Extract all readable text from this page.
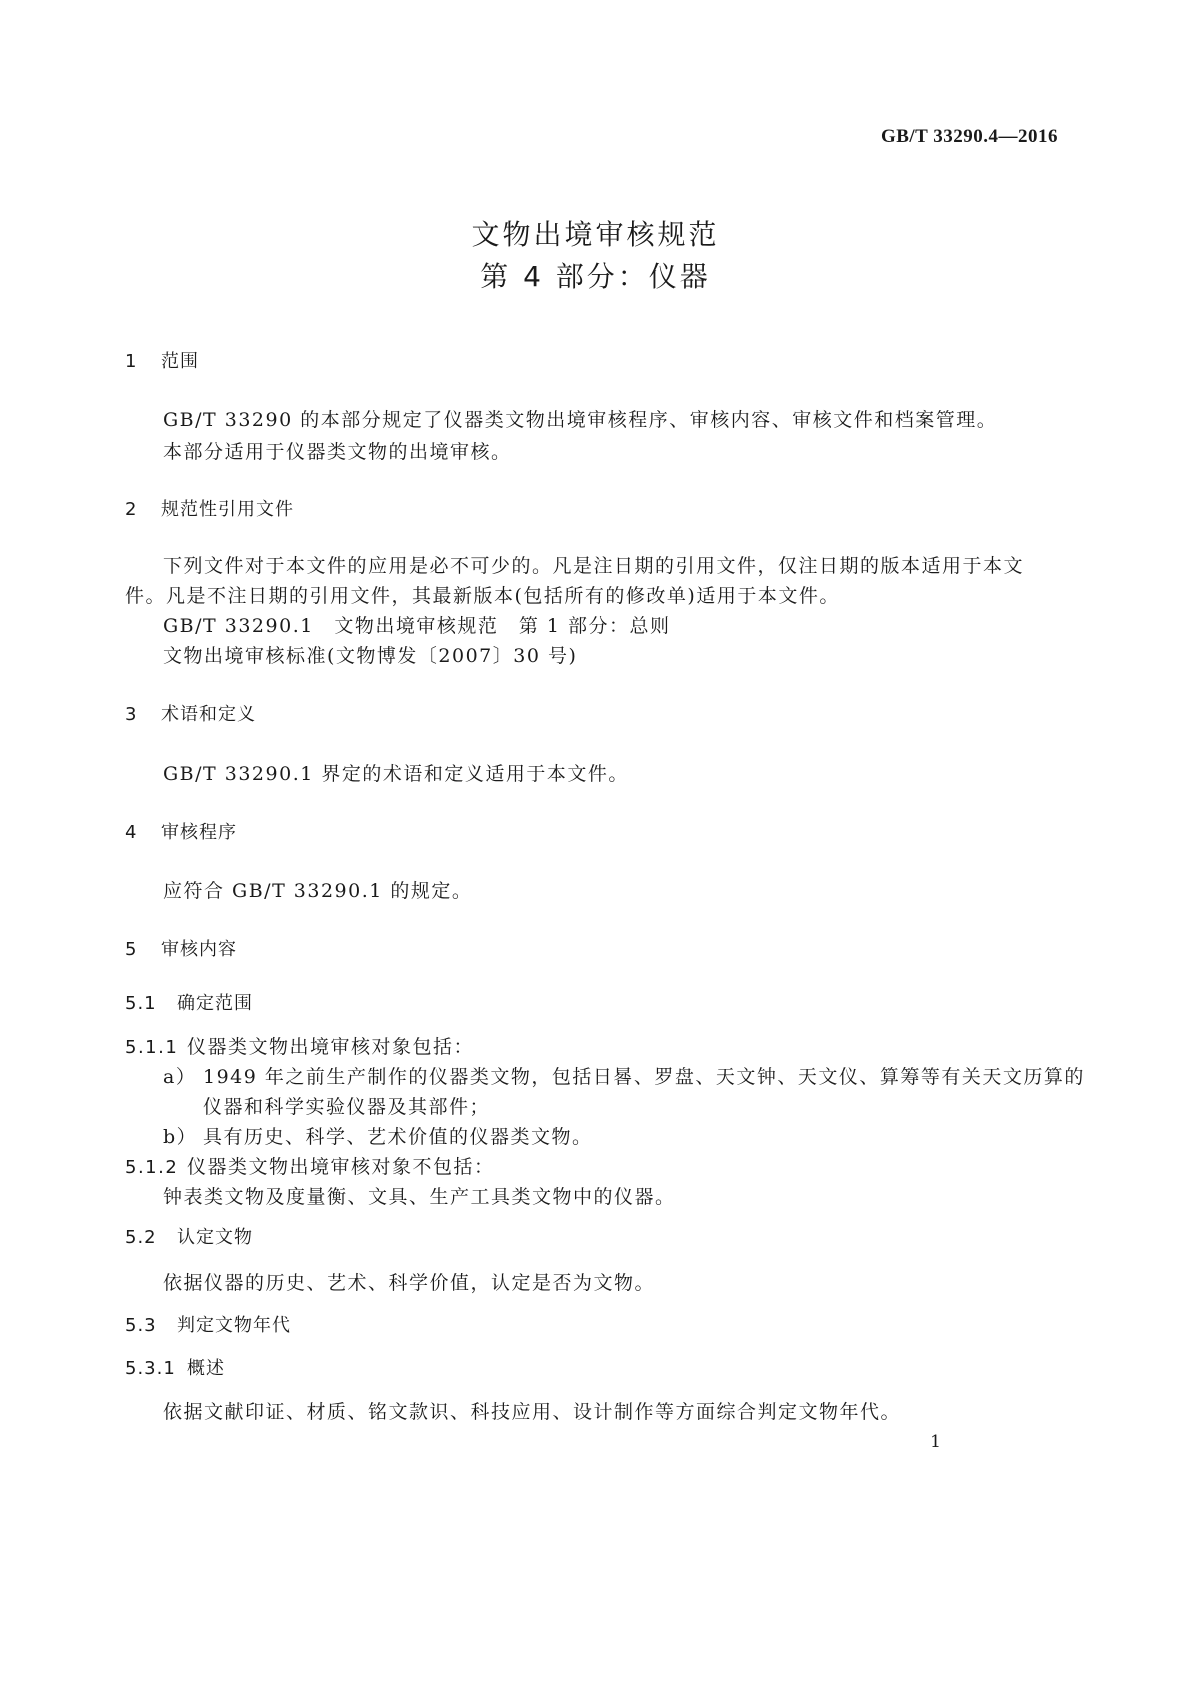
GB/T 33290.4—2016
文物出境审核规范
第 4 部分：仪器
1 范围
GB/T 33290 的本部分规定了仪器类文物出境审核程序、审核内容、审核文件和档案管理。
本部分适用于仪器类文物的出境审核。
2 规范性引用文件
下列文件对于本文件的应用是必不可少的。凡是注日期的引用文件，仅注日期的版本适用于本文
件。凡是不注日期的引用文件，其最新版本(包括所有的修改单)适用于本文件。
GB/T 33290.1　文物出境审核规范　第 1 部分：总则
文物出境审核标准(文物博发〔2007〕30 号)
3 术语和定义
GB/T 33290.1 界定的术语和定义适用于本文件。
4 审核程序
应符合 GB/T 33290.1 的规定。
5 审核内容
5.1 确定范围
5.1.1 仪器类文物出境审核对象包括：
a） 1949 年之前生产制作的仪器类文物，包括日晷、罗盘、天文钟、天文仪、算筹等有关天文历算的
仪器和科学实验仪器及其部件；
b） 具有历史、科学、艺术价值的仪器类文物。
5.1.2 仪器类文物出境审核对象不包括：
钟表类文物及度量衡、文具、生产工具类文物中的仪器。
5.2 认定文物
依据仪器的历史、艺术、科学价值，认定是否为文物。
5.3 判定文物年代
5.3.1 概述
依据文献印证、材质、铭文款识、科技应用、设计制作等方面综合判定文物年代。
1
